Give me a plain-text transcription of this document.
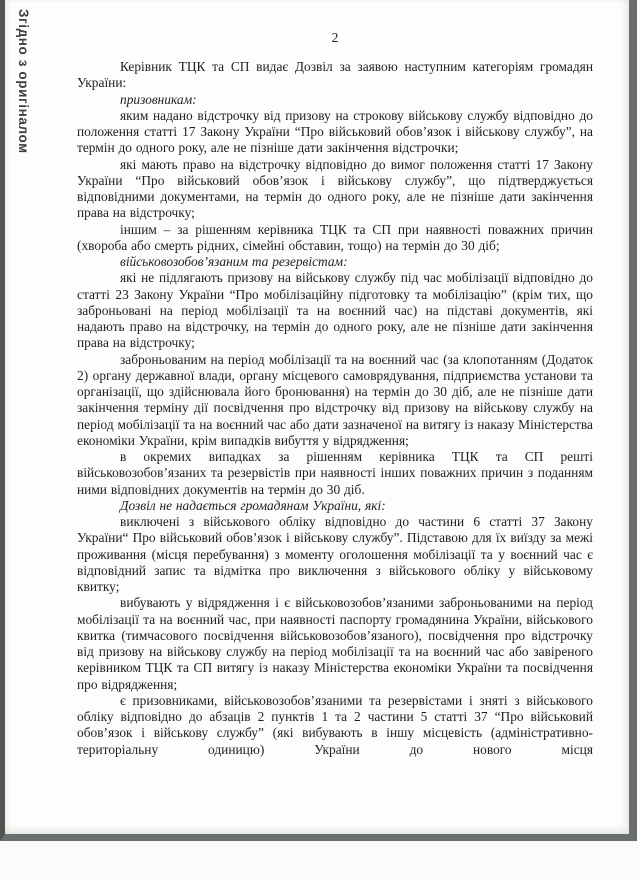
Згідно з оригіналом	2

Керівник ТЦК та СП видає Дозвіл за заявою наступним категоріям громадян України:

призовникам:

яким надано відстрочку від призову на строкову військову службу відповідно до положення статті 17 Закону України “Про військовий обов’язок і військову службу”, на термін до одного року, але не пізніше дати закінчення відстрочки;

які мають право на відстрочку відповідно до вимог положення статті 17 Закону України “Про військовий обов’язок і військову службу”, що підтверджується відповідними документами, на термін до одного року, але не пізніше дати закінчення права на відстрочку;

іншим – за рішенням керівника ТЦК та СП при наявності поважних причин (хвороба або смерть рідних, сімейні обставин, тощо) на термін до 30 діб;

військовозобов’язаним та резервістам:

які не підлягають призову на військову службу під час мобілізації відповідно до статті 23 Закону України “Про мобілізаційну підготовку та мобілізацію” (крім тих, що заброньовані на період мобілізації та на воєнний час) на підставі документів, які надають право на відстрочку, на термін до одного року, але не пізніше дати закінчення права на відстрочку;

заброньованим на період мобілізації та на воєнний час (за клопотанням (Додаток 2) органу державної влади, органу місцевого самоврядування, підприємства установи та організації, що здійснювала його бронювання) на термін до 30 діб, але не пізніше дати закінчення терміну дії посвідчення про відстрочку від призову на військову службу на період мобілізації та на воєнний час або дати зазначеної на витягу із наказу Міністерства економіки України, крім випадків вибуття у відрядження;

в окремих випадках за рішенням керівника ТЦК та СП решті військовозобов’язаних та резервістів при наявності інших поважних причин з поданням ними відповідних документів на термін до 30 діб.

Дозвіл не надається громадянам України, які:

виключені з військового обліку відповідно до частини 6 статті 37 Закону України“ Про військовий обов’язок і військову службу”. Підставою для їх виїзду за межі проживання (місця перебування) з моменту оголошення мобілізації та у воєнний час є відповідний запис та відмітка про виключення з військового обліку у військовому квитку;

вибувають у відрядження і є військовозобов’язаними заброньованими на період мобілізації та на воєнний час, при наявності паспорту громадянина України, військового квитка (тимчасового посвідчення військовозобов’язаного), посвідчення про відстрочку від призову на військову службу на період мобілізації та на воєнний час або завіреного керівником ТЦК та СП витягу із наказу Міністерства економіки України та посвідчення про відрядження;

є призовниками, військовозобов’язаними та резервістами і зняті з військового обліку відповідно до абзаців 2 пунктів 1 та 2 частини 5 статті 37 “Про військовий обов’язок і військову службу” (які вибувають в іншу місцевість (адміністративно-територіальну одиницю) України до нового місця
